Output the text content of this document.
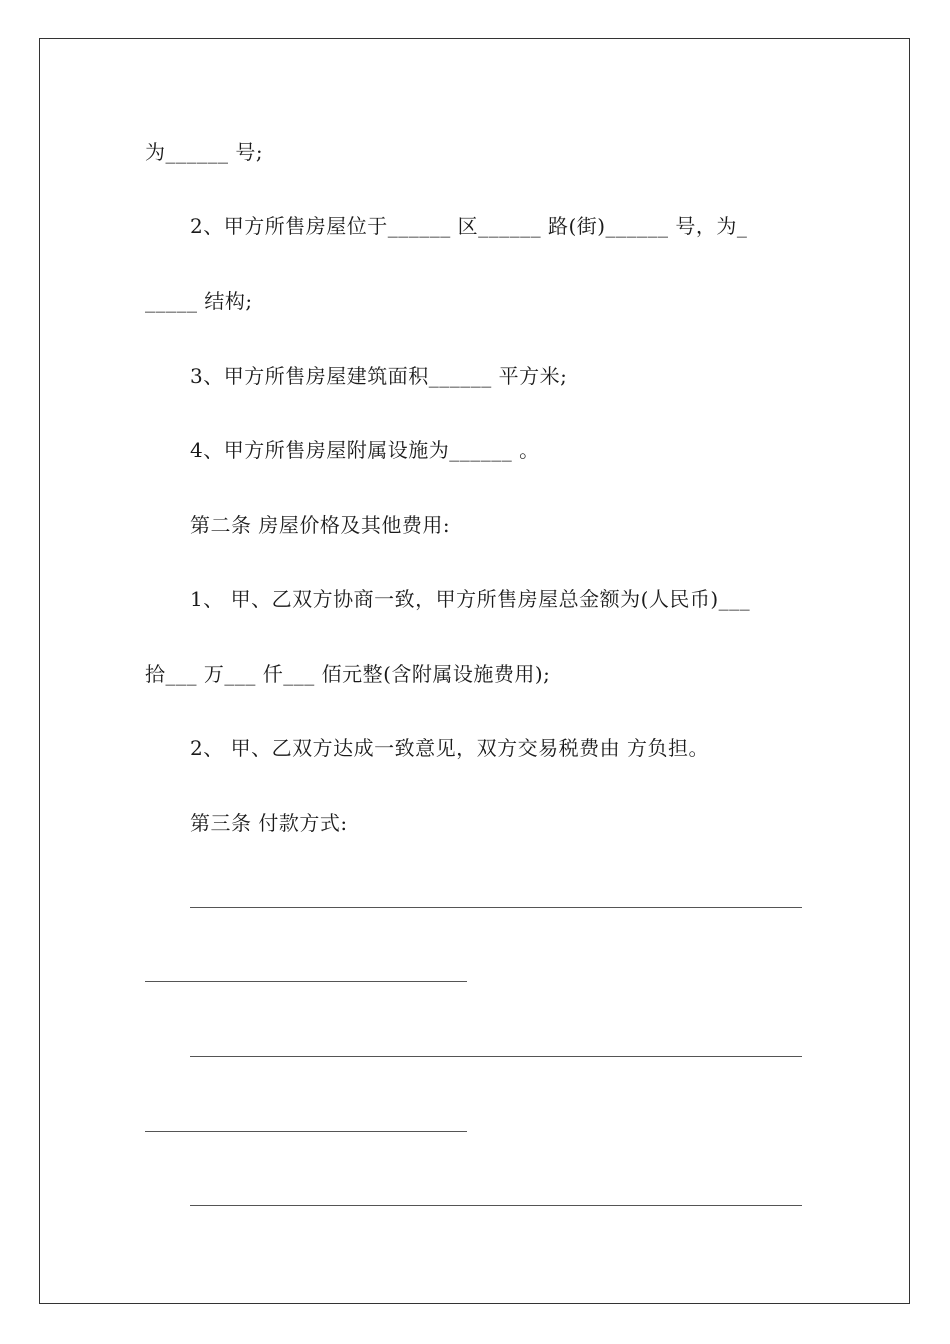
为______ 号;
2、甲方所售房屋位于______ 区______ 路(街)______ 号，为_
_____ 结构;
3、甲方所售房屋建筑面积______ 平方米;
4、甲方所售房屋附属设施为______ 。
第二条 房屋价格及其他费用:
1、 甲、乙双方协商一致，甲方所售房屋总金额为(人民币)___
拾___ 万___ 仟___ 佰元整(含附属设施费用);
2、 甲、乙双方达成一致意见，双方交易税费由 方负担。
第三条 付款方式:
